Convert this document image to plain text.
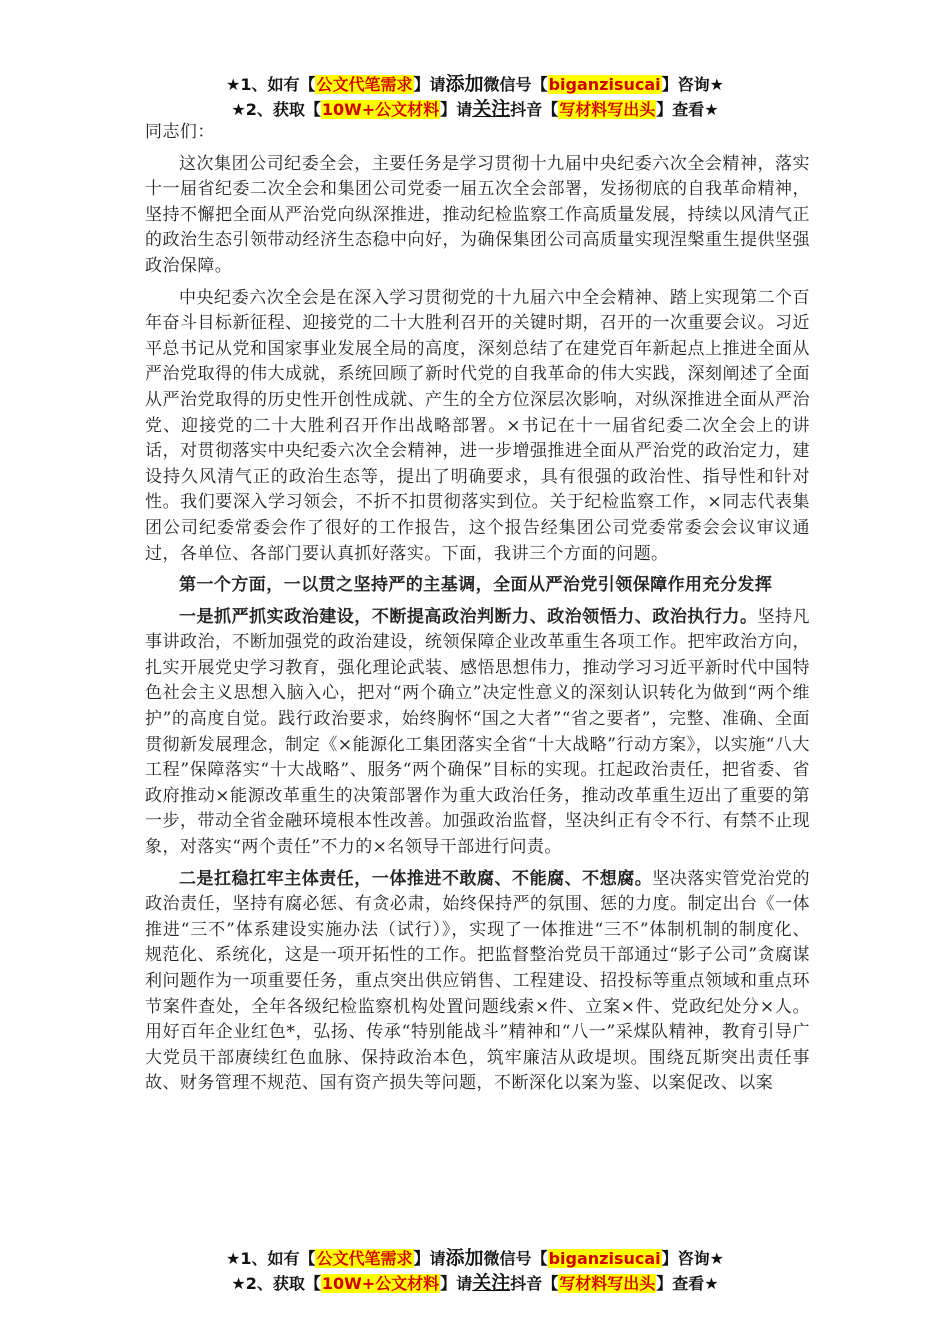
★1、如有【公文代笔需求】请添加微信号【biganzisucai】咨询★
★2、获取【10W+公文材料】请关注抖音【写材料写出头】查看★

同志们：

这次集团公司纪委全会，主要任务是学习贯彻十九届中央纪委六次全会精神，落实十一届省纪委二次全会和集团公司党委一届五次全会部署，发扬彻底的自我革命精神，坚持不懈把全面从严治党向纵深推进，推动纪检监察工作高质量发展，持续以风清气正的政治生态引领带动经济生态稳中向好，为确保集团公司高质量实现涅槃重生提供坚强政治保障。

中央纪委六次全会是在深入学习贯彻党的十九届六中全会精神、踏上实现第二个百年奋斗目标新征程、迎接党的二十大胜利召开的关键时期，召开的一次重要会议。习近平总书记从党和国家事业发展全局的高度，深刻总结了在建党百年新起点上推进全面从严治党取得的伟大成就，系统回顾了新时代党的自我革命的伟大实践，深刻阐述了全面从严治党取得的历史性开创性成就、产生的全方位深层次影响，对纵深推进全面从严治党、迎接党的二十大胜利召开作出战略部署。×书记在十一届省纪委二次全会上的讲话，对贯彻落实中央纪委六次全会精神，进一步增强推进全面从严治党的政治定力，建设持久风清气正的政治生态等，提出了明确要求，具有很强的政治性、指导性和针对性。我们要深入学习领会，不折不扣贯彻落实到位。关于纪检监察工作，×同志代表集团公司纪委常委会作了很好的工作报告，这个报告经集团公司党委常委会会议审议通过，各单位、各部门要认真抓好落实。下面，我讲三个方面的问题。

第一个方面，一以贯之坚持严的主基调，全面从严治党引领保障作用充分发挥

一是抓严抓实政治建设，不断提高政治判断力、政治领悟力、政治执行力。坚持凡事讲政治，不断加强党的政治建设，统领保障企业改革重生各项工作。把牢政治方向，扎实开展党史学习教育，强化理论武装、感悟思想伟力，推动学习习近平新时代中国特色社会主义思想入脑入心，把对“两个确立”决定性意义的深刻认识转化为做到“两个维护”的高度自觉。践行政治要求，始终胸怀“国之大者”“省之要者”，完整、准确、全面贯彻新发展理念，制定《×能源化工集团落实全省“十大战略”行动方案》，以实施“八大工程”保障落实“十大战略”、服务“两个确保”目标的实现。扛起政治责任，把省委、省政府推动×能源改革重生的决策部署作为重大政治任务，推动改革重生迈出了重要的第一步，带动全省金融环境根本性改善。加强政治监督，坚决纠正有令不行、有禁不止现象，对落实“两个责任”不力的×名领导干部进行问责。

二是扛稳扛牢主体责任，一体推进不敢腐、不能腐、不想腐。坚决落实管党治党的政治责任，坚持有腐必惩、有贪必肃，始终保持严的氛围、惩的力度。制定出台《一体推进“三不”体系建设实施办法（试行）》，实现了一体推进“三不”体制机制的制度化、规范化、系统化，这是一项开拓性的工作。把监督整治党员干部通过“影子公司”贪腐谋利问题作为一项重要任务，重点突出供应销售、工程建设、招投标等重点领域和重点环节案件查处，全年各级纪检监察机构处置问题线索×件、立案×件、党政纪处分×人。用好百年企业红色*，弘扬、传承“特别能战斗”精神和“八一”采煤队精神，教育引导广大党员干部赓续红色血脉、保持政治本色，筑牢廉洁从政堤坝。围绕瓦斯突出责任事故、财务管理不规范、国有资产损失等问题，不断深化以案为鉴、以案促改、以案

★1、如有【公文代笔需求】请添加微信号【biganzisucai】咨询★
★2、获取【10W+公文材料】请关注抖音【写材料写出头】查看★
